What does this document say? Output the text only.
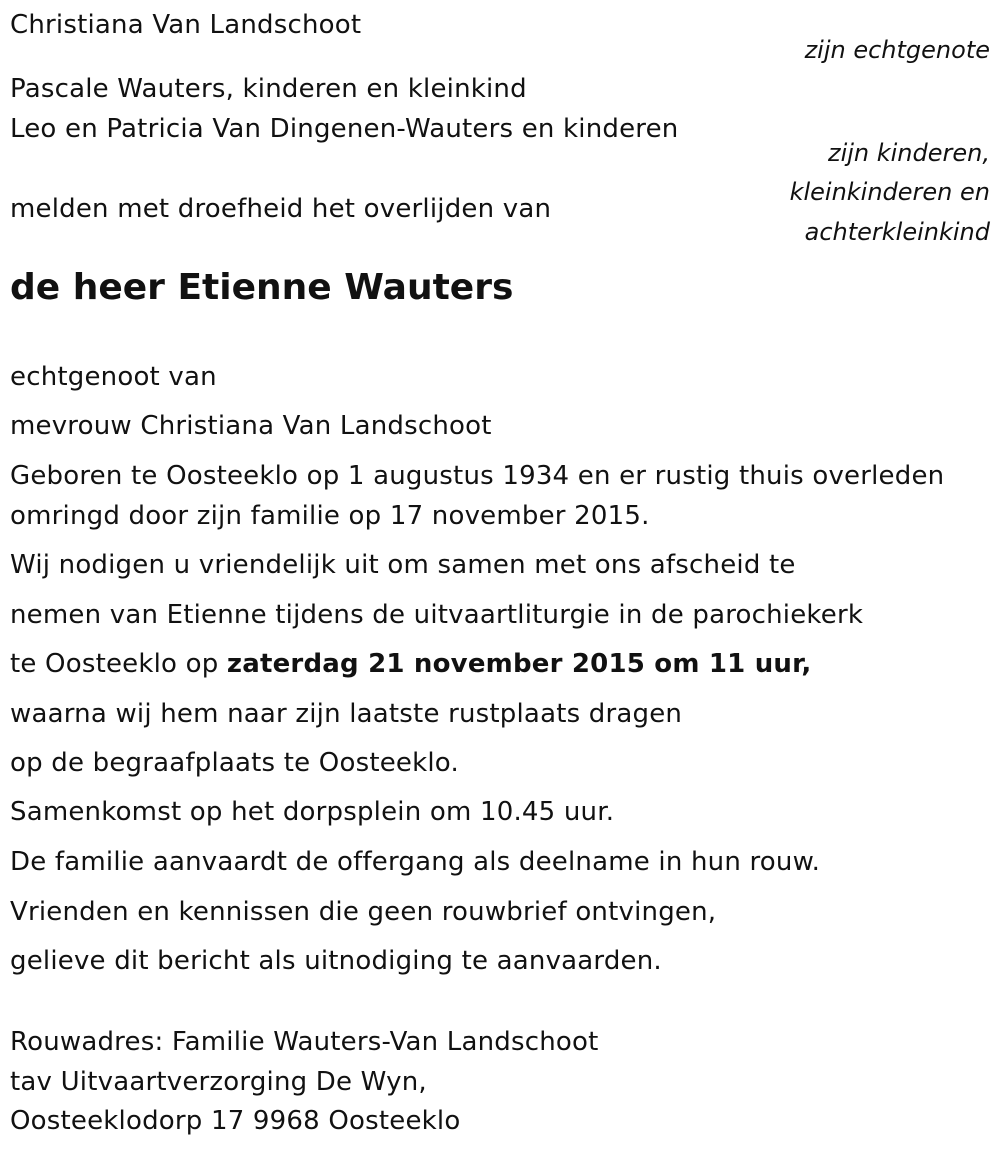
Christiana Van Landschoot
zijn echtgenote
Pascale Wauters, kinderen en kleinkind
Leo en Patricia Van Dingenen-Wauters en kinderen
zijn kinderen,
kleinkinderen en
achterkleinkind
melden met droefheid het overlijden van
de heer Etienne Wauters
echtgenoot van
mevrouw Christiana Van Landschoot
Geboren te Oosteeklo op 1 augustus 1934 en er rustig thuis overleden
omringd door zijn familie op 17 november 2015.
Wij nodigen u vriendelijk uit om samen met ons afscheid te
nemen van Etienne tijdens de uitvaartliturgie in de parochiekerk
te Oosteeklo op zaterdag 21 november 2015 om 11 uur,
waarna wij hem naar zijn laatste rustplaats dragen
op de begraafplaats te Oosteeklo.
Samenkomst op het dorpsplein om 10.45 uur.
De familie aanvaardt de offergang als deelname in hun rouw.
Vrienden en kennissen die geen rouwbrief ontvingen,
gelieve dit bericht als uitnodiging te aanvaarden.
Rouwadres: Familie Wauters-Van Landschoot
tav Uitvaartverzorging De Wyn,
Oosteeklodorp 17 9968 Oosteeklo
